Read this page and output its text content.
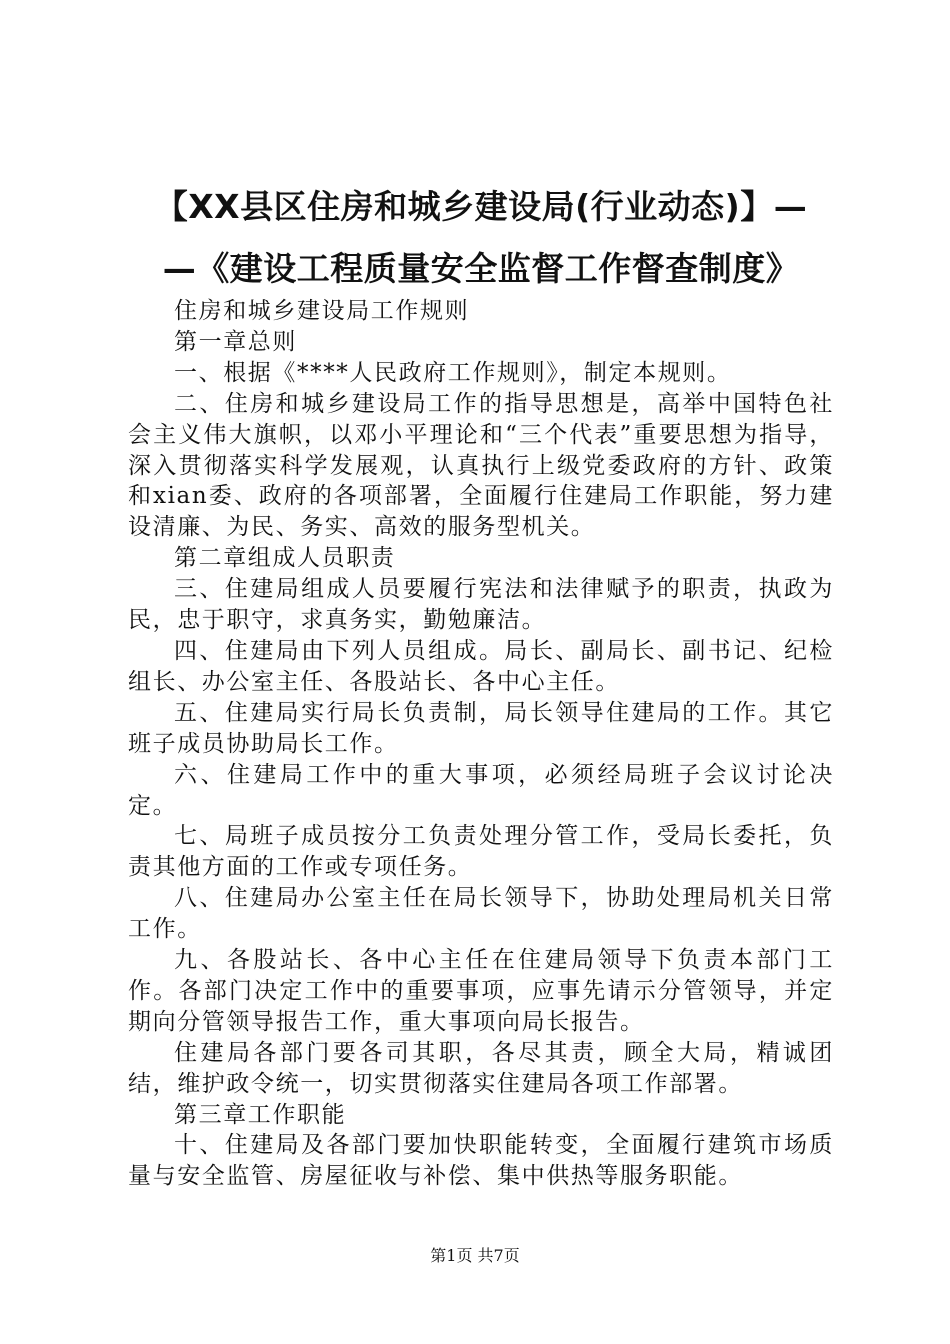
【XX县区住房和城乡建设局(行业动态)】—
—《建设工程质量安全监督工作督查制度》

住房和城乡建设局工作规则

第一章总则

一、根据《****人民政府工作规则》，制定本规则。

二、住房和城乡建设局工作的指导思想是，高举中国特色社会主义伟大旗帜，以邓小平理论和“三个代表”重要思想为指导，深入贯彻落实科学发展观，认真执行上级党委政府的方针、政策和xian委、政府的各项部署，全面履行住建局工作职能，努力建设清廉、为民、务实、高效的服务型机关。

第二章组成人员职责

三、住建局组成人员要履行宪法和法律赋予的职责，执政为民，忠于职守，求真务实，勤勉廉洁。

四、住建局由下列人员组成。局长、副局长、副书记、纪检组长、办公室主任、各股站长、各中心主任。

五、住建局实行局长负责制，局长领导住建局的工作。其它班子成员协助局长工作。

六、住建局工作中的重大事项，必须经局班子会议讨论决定。

七、局班子成员按分工负责处理分管工作，受局长委托，负责其他方面的工作或专项任务。

八、住建局办公室主任在局长领导下，协助处理局机关日常工作。

九、各股站长、各中心主任在住建局领导下负责本部门工作。各部门决定工作中的重要事项，应事先请示分管领导，并定期向分管领导报告工作，重大事项向局长报告。

住建局各部门要各司其职，各尽其责，顾全大局，精诚团结，维护政令统一，切实贯彻落实住建局各项工作部署。

第三章工作职能

十、住建局及各部门要加快职能转变，全面履行建筑市场质量与安全监管、房屋征收与补偿、集中供热等服务职能。

第1页 共7页
